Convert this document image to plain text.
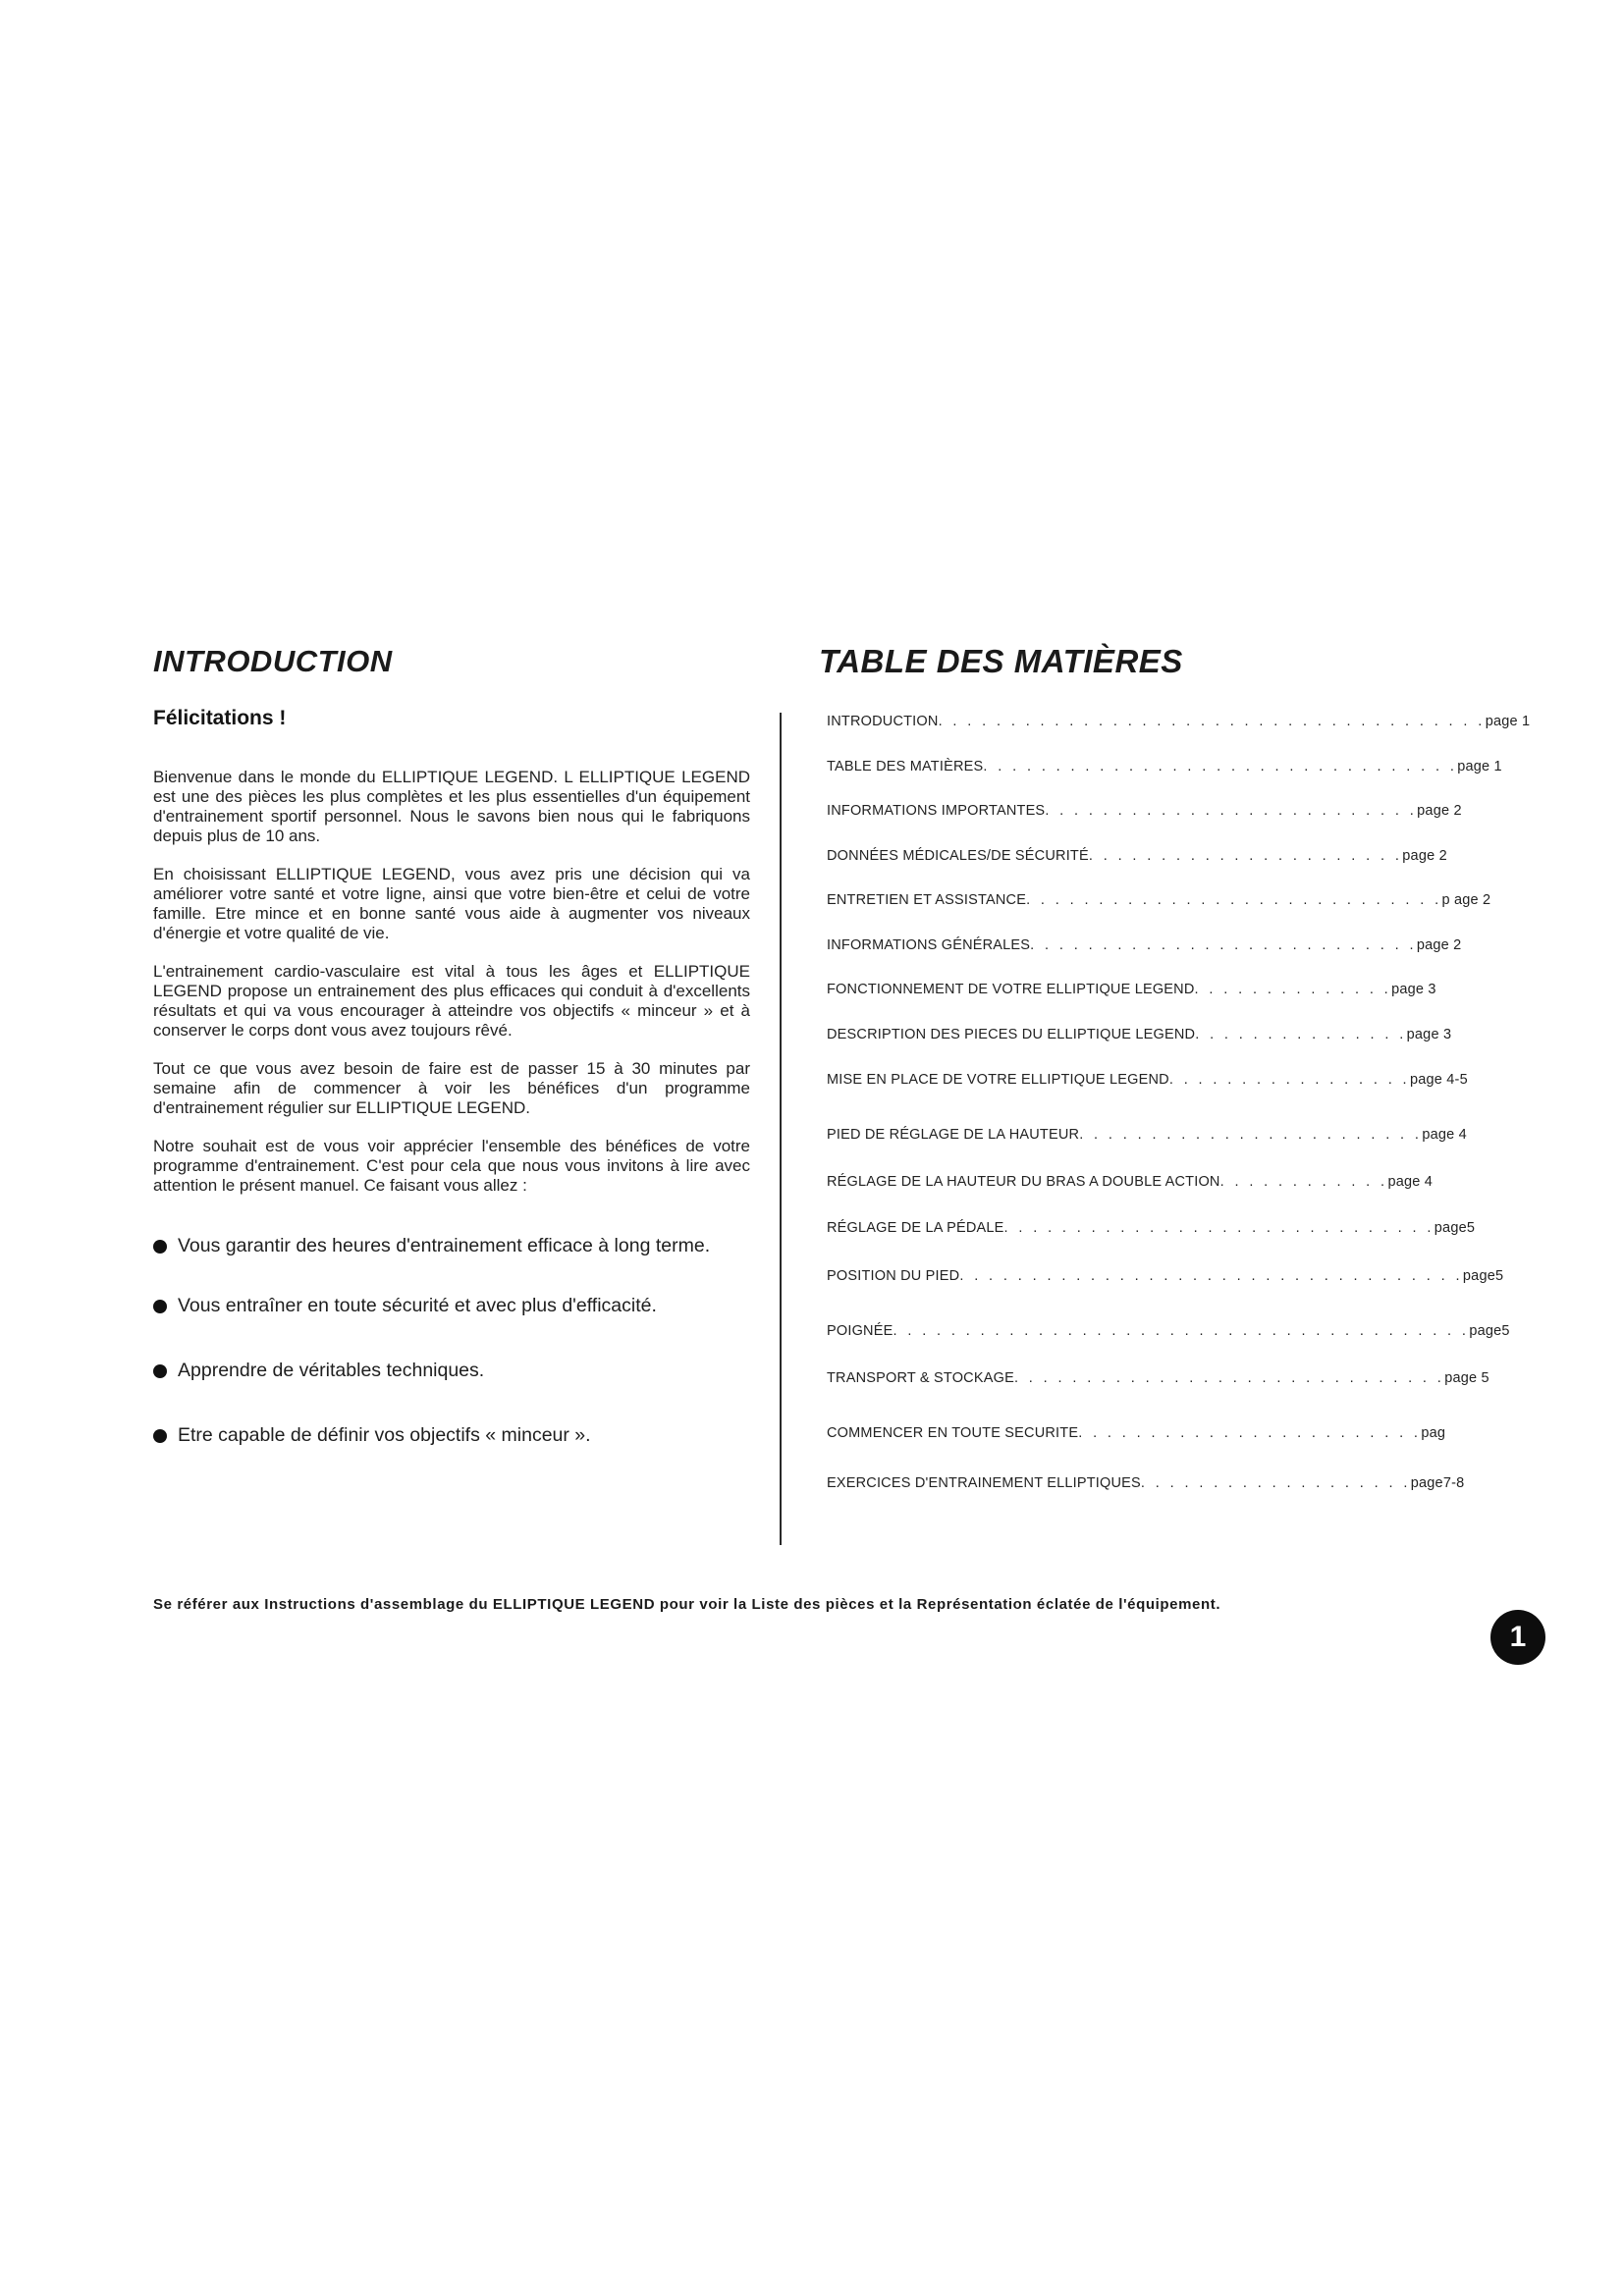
INTRODUCTION
Félicitations !

Bienvenue dans le monde du ELLIPTIQUE LEGEND. L ELLIPTIQUE LEGEND est une des pièces les plus complètes et les plus essentielles d'un équipement d'entrainement sportif personnel. Nous le savons bien nous qui le fabriquons depuis plus de 10 ans.

En choisissant ELLIPTIQUE LEGEND, vous avez pris une décision qui va améliorer votre santé et votre ligne, ainsi que votre bien-être et celui de votre famille. Etre mince et en bonne santé vous aide à augmenter vos niveaux d'énergie et votre qualité de vie.

L'entrainement cardio-vasculaire est vital à tous les âges et ELLIPTIQUE LEGEND propose un entrainement des plus efficaces qui conduit à d'excellents résultats et qui va vous encourager à atteindre vos objectifs « minceur » et à conserver le corps dont vous avez toujours rêvé.

Tout ce que vous avez besoin de faire est de passer 15 à 30 minutes par semaine afin de commencer à voir les bénéfices d'un programme d'entrainement régulier sur ELLIPTIQUE LEGEND.

Notre souhait est de vous voir apprécier l'ensemble des bénéfices de votre programme d'entrainement. C'est pour cela que nous vous invitons à lire avec attention le présent manuel. Ce faisant vous allez :

Vous garantir des heures d'entrainement efficace à long terme.
Vous entraîner en toute sécurité et avec plus d'efficacité.
Apprendre de véritables techniques.
Etre capable de définir vos objectifs « minceur ».
TABLE DES MATIÈRES
INTRODUCTION. . . . . . . . . . . . . . . . . . . . . . . . . . . . . . . . . . . . . .page 1
TABLE DES MATIÈRES. . . . . . . . . . . . . . . . . . . . . . . . . . . . . . . . .page 1
INFORMATIONS IMPORTANTES. . . . . . . . . . . . . . . . . . . . . . . . . .page 2
DONNÉES MÉDICALES/DE SÉCURITÉ. . . . . . . . . . . . . . . . . . . . . .page 2
ENTRETIEN ET ASSISTANCE. . . . . . . . . . . . . . . . . . . . . . . . . . . . .p age 2
INFORMATIONS GÉNÉRALES. . . . . . . . . . . . . . . . . . . . . . . . . . .page 2
FONCTIONNEMENT DE VOTRE ELLIPTIQUE LEGEND. . . . . . . . . . . . . .page 3
DESCRIPTION DES PIECES DU ELLIPTIQUE LEGEND. . . . . . . . . . . . . . .page 3
MISE EN PLACE DE VOTRE ELLIPTIQUE LEGEND. . . . . . . . . . . . . . . . .page 4-5
PIED DE RÉGLAGE DE LA HAUTEUR. . . . . . . . . . . . . . . . . . . . . . . .page 4
RÉGLAGE DE LA HAUTEUR DU BRAS A DOUBLE ACTION. . . . . . . . . . . .page 4
RÉGLAGE DE LA PÉDALE. . . . . . . . . . . . . . . . . . . . . . . . . . . . . .page5
POSITION DU PIED. . . . . . . . . . . . . . . . . . . . . . . . . . . . . . . . . . .page5
POIGNÉE. . . . . . . . . . . . . . . . . . . . . . . . . . . . . . . . . . . . . . . .page5
TRANSPORT & STOCKAGE. . . . . . . . . . . . . . . . . . . . . . . . . . . . . .page 5
COMMENCER EN TOUTE SECURITE. . . . . . . . . . . . . . . . . . . . . . . .pag
EXERCICES D'ENTRAINEMENT ELLIPTIQUES. . . . . . . . . . . . . . . . . . .page7-8

Se référer aux Instructions d'assemblage du ELLIPTIQUE LEGEND pour voir la Liste des pièces et la Représentation éclatée de l'équipement.

1
